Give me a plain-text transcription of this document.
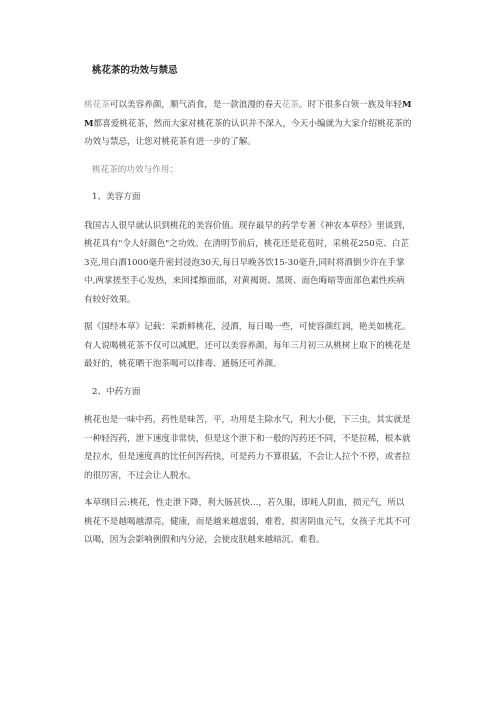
桃花茶的功效与禁忌

桃花茶可以美容养颜，顺气消食，是一款浪漫的春天花茶。时下很多白领一族及年轻MM都喜爱桃花茶，然而大家对桃花茶的认识并不深入，今天小编就为大家介绍桃花茶的功效与禁忌，让您对桃花茶有进一步的了解。

桃花茶的功效与作用：

1、美容方面

我国古人很早就认识到桃花的美容价值。现存最早的药学专著《神农本草经》里谈到，桃花具有"令人好颜色"之功效。在清明节前后，桃花还是花苞时，采桃花250克、白芷3克,用白酒1000毫升密封浸泡30天,每日早晚各饮15-30毫升,同时将酒倒少许在手掌中,两掌搓至手心发热，来回揉擦面部，对黄褐斑、黑斑、面色晦暗等面部色素性疾病有较好效果。

据《国经本草》记载：采新鲜桃花，浸酒，每日喝一些，可使容颜红润，艳美如桃花。有人说喝桃花茶不仅可以减肥，还可以美容养颜，每年三月初三从桃树上取下的桃花是最好的，桃花晒干泡茶喝可以排毒、通肠还可养颜。

2、中药方面

桃花也是一味中药，药性是味苦，平，功用是主除水气，利大小便，下三虫，其实就是一种轻泻药，泄下速度非常快，但是这个泄下和一般的泻药还不同，不是拉稀，根本就是拉水，但是速度真的比任何泻药快，可是药力不算很猛，不会让人拉个不停，或者拉的很厉害，不过会让人脱水。

本草纲目云:桃花，性走泄下降，利大肠甚快...，若久服，即耗人阴血，损元气，所以桃花不是越喝越漂亮，健康，而是越来越虚弱，难看，损害阴血元气，女孩子尤其不可以喝，因为会影响例假和内分泌，会使皮肤越来越暗沉、难看。
